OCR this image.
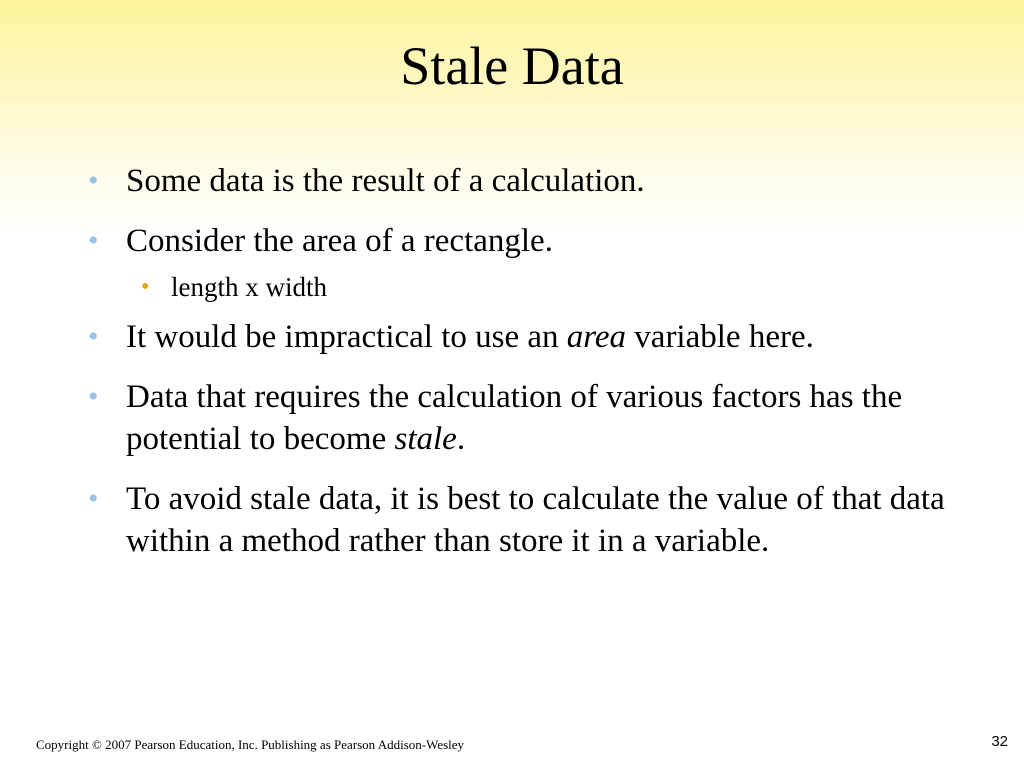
Stale Data
• Some data is the result of a calculation.
• Consider the area of a rectangle.
• length x width
• It would be impractical to use an area variable here.
• Data that requires the calculation of various factors has the potential to become stale.
• To avoid stale data, it is best to calculate the value of that data within a method rather than store it in a variable.
Copyright © 2007 Pearson Education, Inc. Publishing as Pearson Addison-Wesley	32
